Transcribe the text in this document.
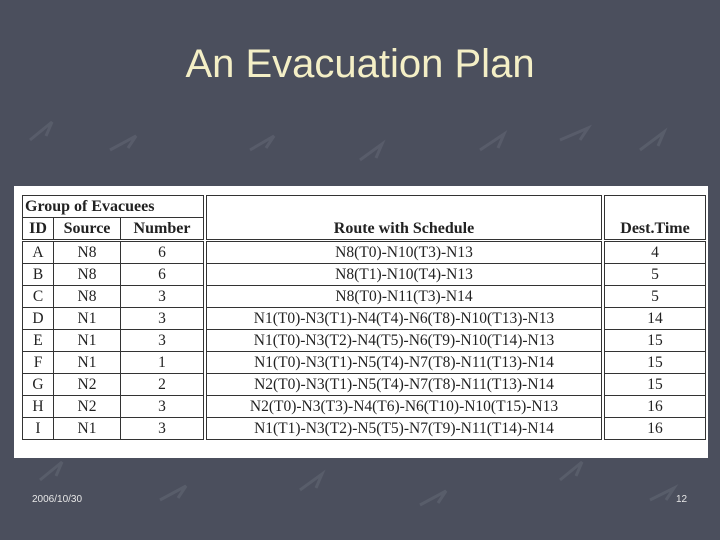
An Evacuation Plan
Group of Evacuees				Route with Schedule		Dest.Time
ID	Source	Number				
A	N8	6		N8(T0)-N10(T3)-N13		4
B	N8	6		N8(T1)-N10(T4)-N13		5
C	N8	3		N8(T0)-N11(T3)-N14		5
D	N1	3		N1(T0)-N3(T1)-N4(T4)-N6(T8)-N10(T13)-N13		14
E	N1	3		N1(T0)-N3(T2)-N4(T5)-N6(T9)-N10(T14)-N13		15
F	N1	1		N1(T0)-N3(T1)-N5(T4)-N7(T8)-N11(T13)-N14		15
G	N2	2		N2(T0)-N3(T1)-N5(T4)-N7(T8)-N11(T13)-N14		15
H	N2	3		N2(T0)-N3(T3)-N4(T6)-N6(T10)-N10(T15)-N13		16
I	N1	3		N1(T1)-N3(T2)-N5(T5)-N7(T9)-N11(T14)-N14		16
2006/10/30	12
